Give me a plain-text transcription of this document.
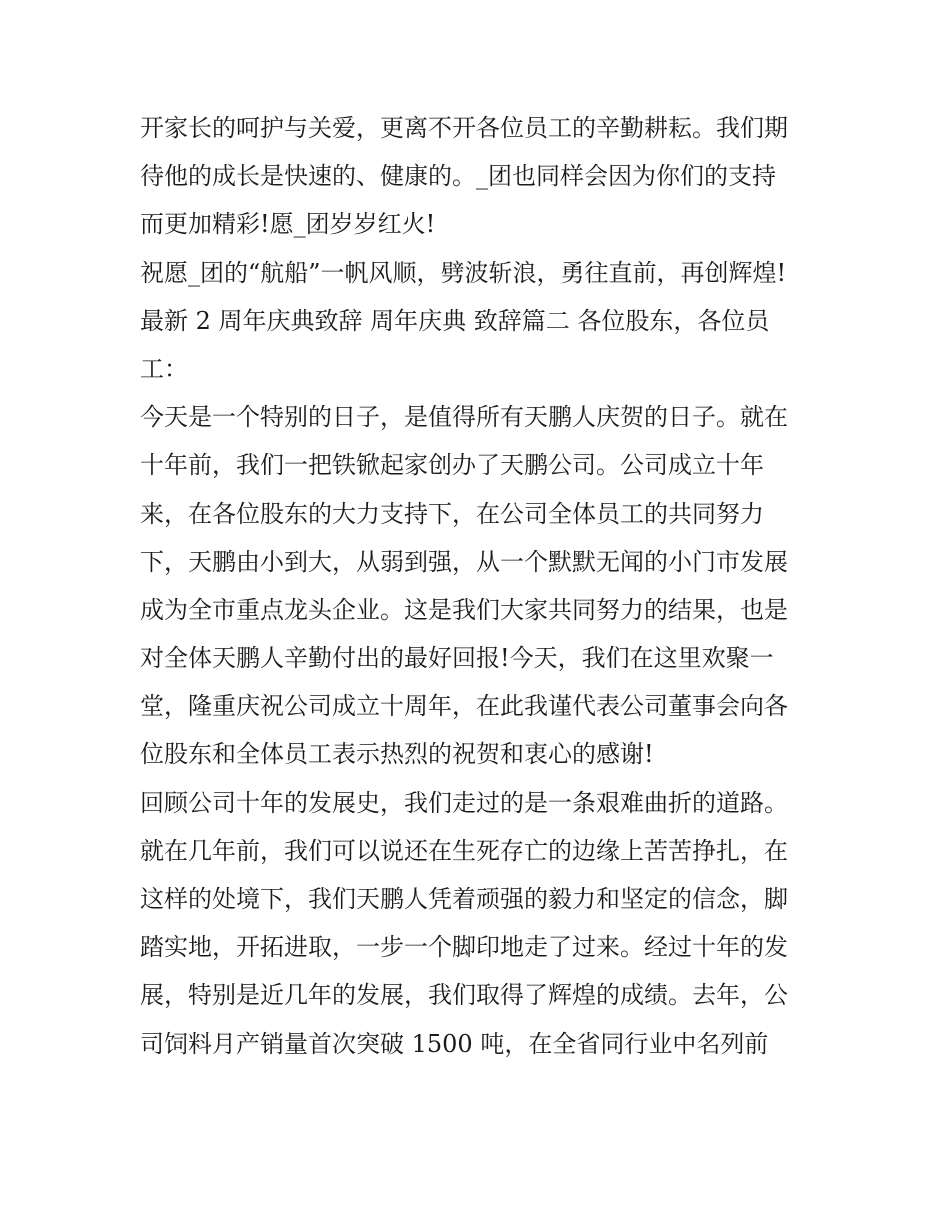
开家长的呵护与关爱，更离不开各位员工的辛勤耕耘。我们期
待他的成长是快速的、健康的。_团也同样会因为你们的支持
而更加精彩!愿_团岁岁红火!
祝愿_团的“航船”一帆风顺，劈波斩浪，勇往直前，再创辉煌!
最新 2 周年庆典致辞 周年庆典 致辞篇二 各位股东，各位员
工：
今天是一个特别的日子，是值得所有天鹏人庆贺的日子。就在
十年前，我们一把铁锨起家创办了天鹏公司。公司成立十年
来，在各位股东的大力支持下，在公司全体员工的共同努力
下，天鹏由小到大，从弱到强，从一个默默无闻的小门市发展
成为全市重点龙头企业。这是我们大家共同努力的结果，也是
对全体天鹏人辛勤付出的最好回报!今天，我们在这里欢聚一
堂，隆重庆祝公司成立十周年，在此我谨代表公司董事会向各
位股东和全体员工表示热烈的祝贺和衷心的感谢!
回顾公司十年的发展史，我们走过的是一条艰难曲折的道路。
就在几年前，我们可以说还在生死存亡的边缘上苦苦挣扎，在
这样的处境下，我们天鹏人凭着顽强的毅力和坚定的信念，脚
踏实地，开拓进取，一步一个脚印地走了过来。经过十年的发
展，特别是近几年的发展，我们取得了辉煌的成绩。去年，公
司饲料月产销量首次突破 1500 吨，在全省同行业中名列前
